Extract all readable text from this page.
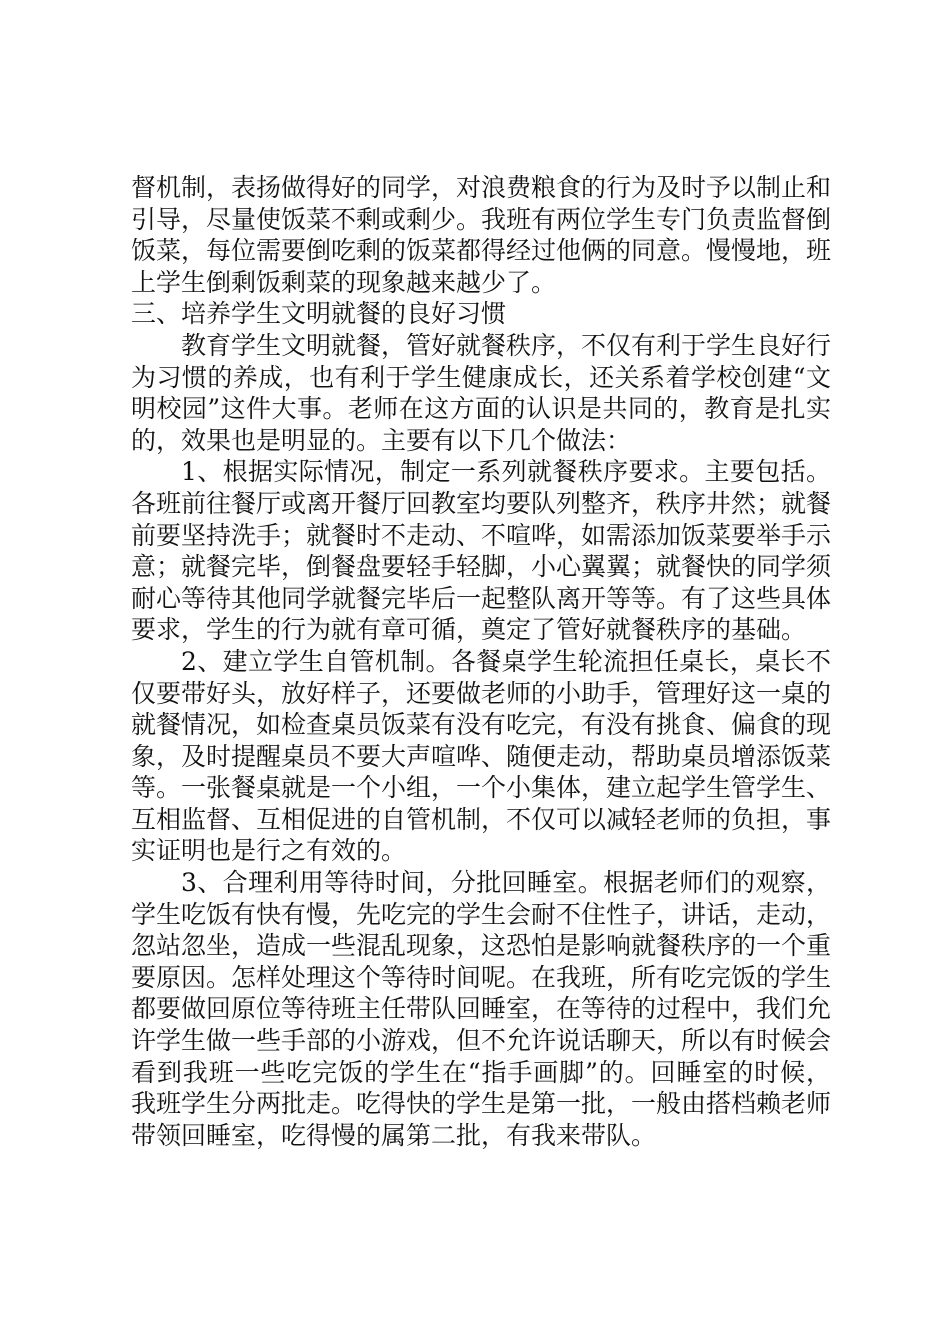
督机制，表扬做得好的同学，对浪费粮食的行为及时予以制止和引导，尽量使饭菜不剩或剩少。我班有两位学生专门负责监督倒饭菜，每位需要倒吃剩的饭菜都得经过他俩的同意。慢慢地，班上学生倒剩饭剩菜的现象越来越少了。

三、培养学生文明就餐的良好习惯

教育学生文明就餐，管好就餐秩序，不仅有利于学生良好行为习惯的养成，也有利于学生健康成长，还关系着学校创建“文明校园”这件大事。老师在这方面的认识是共同的，教育是扎实的，效果也是明显的。主要有以下几个做法：

1、根据实际情况，制定一系列就餐秩序要求。主要包括。各班前往餐厅或离开餐厅回教室均要队列整齐，秩序井然；就餐前要坚持洗手；就餐时不走动、不喧哗，如需添加饭菜要举手示意；就餐完毕，倒餐盘要轻手轻脚，小心翼翼；就餐快的同学须耐心等待其他同学就餐完毕后一起整队离开等等。有了这些具体要求，学生的行为就有章可循，奠定了管好就餐秩序的基础。

2、建立学生自管机制。各餐桌学生轮流担任桌长，桌长不仅要带好头，放好样子，还要做老师的小助手，管理好这一桌的就餐情况，如检查桌员饭菜有没有吃完，有没有挑食、偏食的现象，及时提醒桌员不要大声喧哗、随便走动，帮助桌员增添饭菜等。一张餐桌就是一个小组，一个小集体，建立起学生管学生、互相监督、互相促进的自管机制，不仅可以减轻老师的负担，事实证明也是行之有效的。

3、合理利用等待时间，分批回睡室。根据老师们的观察，学生吃饭有快有慢，先吃完的学生会耐不住性子，讲话，走动，忽站忽坐，造成一些混乱现象，这恐怕是影响就餐秩序的一个重要原因。怎样处理这个等待时间呢。在我班，所有吃完饭的学生都要做回原位等待班主任带队回睡室，在等待的过程中，我们允许学生做一些手部的小游戏，但不允许说话聊天，所以有时候会看到我班一些吃完饭的学生在“指手画脚”的。回睡室的时候，我班学生分两批走。吃得快的学生是第一批，一般由搭档赖老师带领回睡室，吃得慢的属第二批，有我来带队。
